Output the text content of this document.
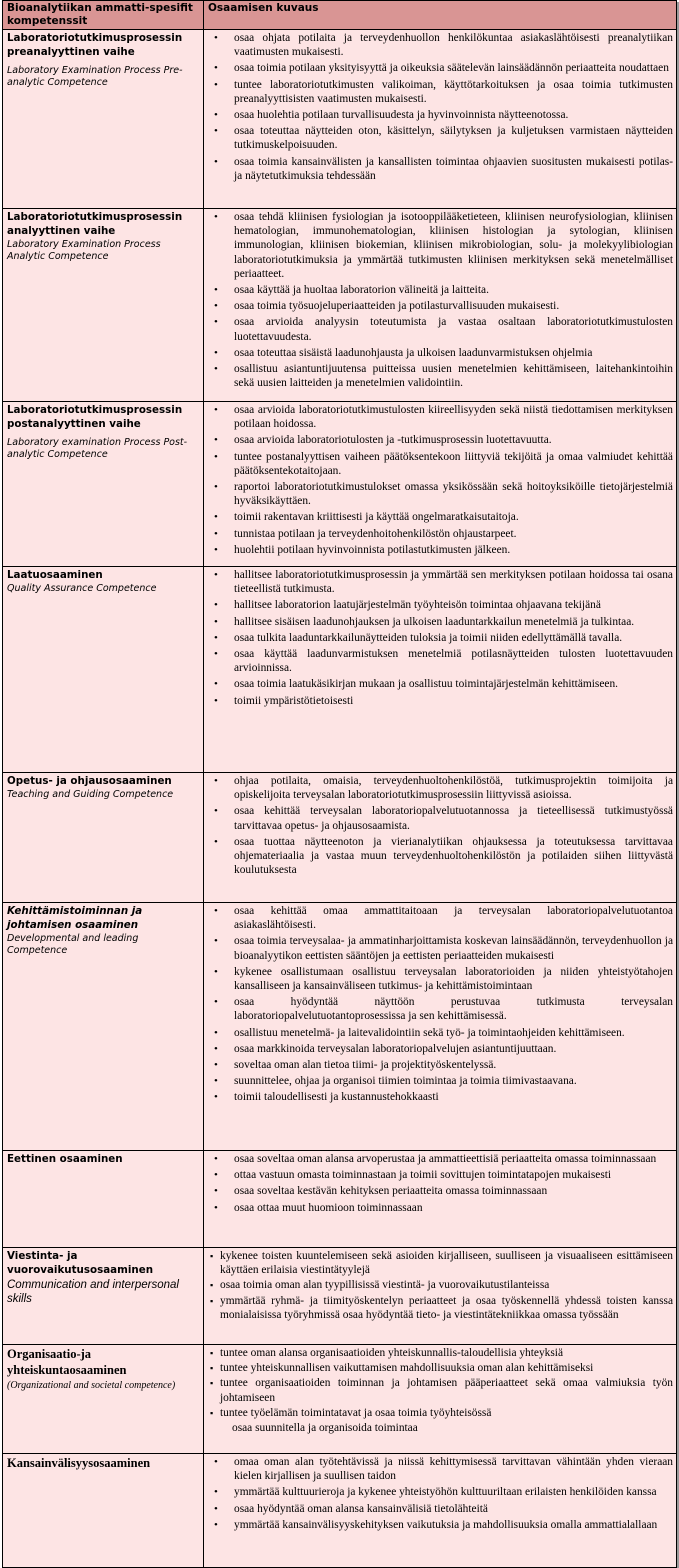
Bioanalytiikan ammatti-spesifit kompetenssit	Osaamisen kuvaus

Laboratoriotutkimusprosessin preanalyyttinen vaihe
Laboratory Examination Process Pre-analytic Competence

• osaa ohjata potilaita ja terveydenhuollon henkilökuntaa asiakaslähtöisesti preanalytiikan vaatimusten mukaisesti.
• osaa toimia potilaan yksityisyyttä ja oikeuksia säätelevän lainsäädännön periaatteita noudattaen
• tuntee laboratoriotutkimusten valikoiman, käyttötarkoituksen ja osaa toimia tutkimusten preanalyyttisisten vaatimusten mukaisesti.
• osaa huolehtia potilaan turvallisuudesta ja hyvinvoinnista näytteenotossa.
• osaa toteuttaa näytteiden oton, käsittelyn, säilytyksen ja kuljetuksen varmistaen näytteiden tutkimuskelpoisuuden.
• osaa toimia kansainvälisten ja kansallisten toimintaa ohjaavien suositusten mukaisesti potilas- ja näytetutkimuksia tehdessään

Laboratoriotutkimusprosessin analyyttinen vaihe
Laboratory Examination Process Analytic Competence

• osaa tehdä kliinisen fysiologian ja isotooppilääketieteen, kliinisen neurofysiologian, kliinisen hematologian, immunohematologian, kliinisen histologian ja sytologian, kliinisen immunologian, kliinisen biokemian, kliinisen mikrobiologian, solu- ja molekyylibiologian laboratoriotutkimuksia ja ymmärtää tutkimusten kliinisen merkityksen sekä menetelmälliset periaatteet.
• osaa käyttää ja huoltaa laboratorion välineitä ja laitteita.
• osaa toimia työsuojeluperiaatteiden ja potilasturvallisuuden mukaisesti.
• osaa arvioida analyysin toteutumista ja vastaa osaltaan laboratoriotutkimustulosten luotettavuudesta.
• osaa toteuttaa sisäistä laadunohjausta ja ulkoisen laadunvarmistuksen ohjelmia
• osallistuu asiantuntijuutensa puitteissa uusien menetelmien kehittämiseen, laitehankintoihin sekä uusien laitteiden ja menetelmien validointiin.

Laboratoriotutkimusprosessin postanalyyttinen vaihe
Laboratory examination Process Post-analytic Competence

• osaa arvioida laboratoriotutkimustulosten kiireellisyyden sekä niistä tiedottamisen merkityksen potilaan hoidossa.
• osaa arvioida laboratoriotulosten ja -tutkimusprosessin luotettavuutta.
• tuntee postanalyyttisen vaiheen päätöksentekoon liittyviä tekijöitä ja omaa valmiudet kehittää päätöksentekotaitojaan.
• raportoi laboratoriotutkimustulokset omassa yksikössään sekä hoitoyksiköille tietojärjestelmiä hyväksikäyttäen.
• toimii rakentavan kriittisesti ja käyttää ongelmaratkaisutaitoja.
• tunnistaa potilaan ja terveydenhoitohenkilöstön ohjaustarpeet.
• huolehtii potilaan hyvinvoinnista potilastutkimusten jälkeen.

Laatuosaaminen
Quality Assurance Competence

• hallitsee laboratoriotutkimusprosessin ja ymmärtää sen merkityksen potilaan hoidossa tai osana tieteellistä tutkimusta.
• hallitsee laboratorion laatujärjestelmän työyhteisön toimintaa ohjaavana tekijänä
• hallitsee sisäisen laadunohjauksen ja ulkoisen laaduntarkkailun menetelmiä ja tulkintaa.
• osaa tulkita laaduntarkkailunäytteiden tuloksia ja toimii niiden edellyttämällä tavalla.
• osaa käyttää laadunvarmistuksen menetelmiä potilasnäytteiden tulosten luotettavuuden arvioinnissa.
• osaa toimia laatukäsikirjan mukaan ja osallistuu toimintajärjestelmän kehittämiseen.
• toimii ympäristötietoisesti

Opetus- ja ohjausosaaminen
Teaching and Guiding Competence

• ohjaa potilaita, omaisia, terveydenhuoltohenkilöstöä, tutkimusprojektin toimijoita ja opiskelijoita terveysalan laboratoriotutkimusprosessiin liittyvissä asioissa.
• osaa kehittää terveysalan laboratoriopalvelutuotannossa ja tieteellisessä tutkimustyössä tarvittavaa opetus- ja ohjausosaamista.
• osaa tuottaa näytteenoton ja vierianalytiikan ohjauksessa ja toteutuksessa tarvittavaa ohjemateriaalia ja vastaa muun terveydenhuoltohenkilöstön ja potilaiden siihen liittyvästä koulutuksesta

Kehittämistoiminnan ja johtamisen osaaminen
Developmental and leading Competence

• osaa kehittää omaa ammattitaitoaan ja terveysalan laboratoriopalvelutuotantoa asiakaslähtöisesti.
• osaa toimia terveysalaa- ja ammatinharjoittamista koskevan lainsäädännön, terveydenhuollon ja bioanalyytikon eettisten sääntöjen ja eettisten periaatteiden mukaisesti
• kykenee osallistumaan osallistuu terveysalan laboratorioiden ja niiden yhteistyötahojen kansalliseen ja kansainväliseen tutkimus- ja kehittämistoimintaan
• osaa hyödyntää näyttöön perustuvaa tutkimusta terveysalan laboratoriopalvelutuotantoprosessissa ja sen kehittämisessä.
• osallistuu menetelmä- ja laitevalidointiin sekä työ- ja toimintaohjeiden kehittämiseen.
• osaa markkinoida terveysalan laboratoriopalvelujen asiantuntijuuttaan.
• soveltaa oman alan tietoa tiimi- ja projektityöskentelyssä.
• suunnittelee, ohjaa ja organisoi tiimien toimintaa ja toimia tiimivastaavana.
• toimii taloudellisesti ja kustannustehokkaasti

Eettinen osaaminen

•osaa soveltaa oman alansa arvoperustaa ja ammattieettisiä periaatteita omassa toiminnassaan
• ottaa vastuun omasta toiminnastaan ja toimii sovittujen toimintatapojen mukaisesti
• osaa soveltaa kestävän kehityksen periaatteita omassa toiminnassaan
• osaa ottaa muut huomioon toiminnassaan

Viestinta- ja vuorovaikutusosaaminen
Communication and interpersonal skills

▪ kykenee toisten kuuntelemiseen sekä asioiden kirjalliseen, suulliseen ja visuaaliseen esittämiseen käyttäen erilaisia viestintätyylejä
▪ osaa toimia oman alan tyypillisissä viestintä- ja vuorovaikutustilanteissa
▪ ymmärtää ryhmä- ja tiimityöskentelyn periaatteet ja osaa työskennellä yhdessä toisten kanssa monialaisissa työryhmissä osaa hyödyntää tieto- ja viestintätekniikkaa omassa työssään

Organisaatio-ja yhteiskuntaosaaminen
(Organizational and societal competence)

▪ tuntee oman alansa organisaatioiden yhteiskunnallis-taloudellisia yhteyksiä
▪ tuntee yhteiskunnallisen vaikuttamisen mahdollisuuksia oman alan kehittämiseksi
▪ tuntee organisaatioiden toiminnan ja johtamisen pääperiaatteet sekä omaa valmiuksia työn johtamiseen
▪ tuntee työelämän toimintatavat ja osaa toimia työyhteisössä
osaa suunnitella ja organisoida toimintaa

Kansainvälisyysosaaminen

•omaa oman alan työtehtävissä ja niissä kehittymisessä tarvittavan vähintään yhden vieraan kielen kirjallisen ja suullisen taidon
• ymmärtää kulttuurieroja ja kykenee yhteistyöhön kulttuuriltaan erilaisten henkilöiden kanssa
• osaa hyödyntää oman alansa kansainvälisiä tietolähteitä
• ymmärtää kansainvälisyyskehityksen vaikutuksia ja mahdollisuuksia omalla ammattialallaan
